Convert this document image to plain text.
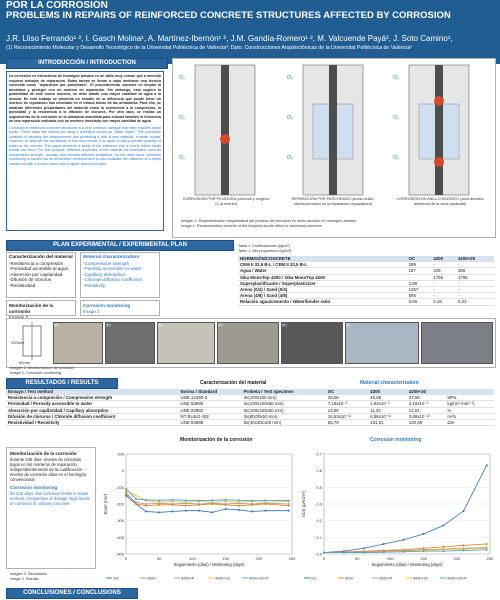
POR LA CORROSIÓN
PROBLEMS IN REPAIRS OF REINFORCED CONCRETE STRUCTURES AFFECTED BY CORROSION
J.R. Lliso Ferrando¹ ², I. Gasch Molina¹, A. Martínez-Ibernón¹ ², J.M. Gandía-Romero¹ ², M. Valcuende Payá², J. Soto Camino¹,
(1) Reconocimiento Molecular y Desarrollo Tecnológico de la Universitat Politècnica de València²; Dpto. Construcciones Arquitectónicas de la Universitat Politècnica de València²
INTRODUCCIÓN / INTRODUCTION
La corrosión en estructuras de hormigón armado es un daño muy común que a menudo requiere trabajos de reparación. Estas tareas se llevan a cabo mediante una técnica conocida como "reparación por parcheado". El procedimiento consiste en limpiar la armadura y proteger con un mortero de reparación. Sin embargo, esto sugiere la posibilidad de este nuevo mortero, se debe añadir una mayor cantidad de agua a la mezcla. En este trabajo se presenta un estudio de la influencia que puede tener un mortero de reparación mal mezclado en el estado futuro de las armaduras. Para ello, se analizan diferentes propiedades del material como la resistencia a la compresión, la porosidad y la resistencia a la difusión de cloruros. Por otro lado, se realiza un seguimiento de la corrosión en la armadura embebida para evaluar también la influencia de una reparación realizada con un mortero mezclado con mayor cantidad de agua.
Corrosion in reinforced concrete structures is a very common damage that often requires repair works. These tasks are carried out using a technique known as "patch repair". The procedure consists of cleaning the reinforcement and protecting it with a new material, a repair mortar. However, to improve the workability of this new mortar, it is usual to add a greater quantity of water to the mixture. This paper presents a study of the influence that a poorly mixed repair mortar can have. For this purpose, different properties of the material are evaluated, such as compressive strength, porosity, and chloride diffusion resistance. On the other hand, corrosion monitoring is carried out on embedded reinforcement to also evaluate the influence of a repair carried out with a mortar mixed with a higher amount of water.
O₂
O₂
O₂
O₂
O₂
O₂
O₂
O₂
O₂
CORROSIÓN POR PICADURA (cloruros y oxígeno O₂ al interior)
REPARACIÓN POR PARCHEADO (ánodo anillo-efecto/corrosión en la reparación repaaradora)
CORROSIÓN EN ANILLO ANÓDICO (área anódica alrededor de la zona reparada)
Imagen 1. Representación esquemática del proceso de corrosión en anillo anódico en hormigón armado
Image 1. Representative scheme of the incipient anode effect in reinforced concrete
PLAN EXPERIMENTAL / EXPERIMENTAL PLAN
Caracterización del material
-Resistencia a compresión
-Porosidad accesible al agua
-Absorción por capilaridad
-Difusión de cloruros
-Resistividad
Material characterization
-Compressive strength
-Porosity accessible to water
-Capillary absorption
-Chloride diffusion coefficient
-Resistivity
Monitorización de la corrosión
Corrosion monitoring
Image 2
Tabla 1. Dosificaciones (kg/m³)
Table 1. Mix proportions (kg/m³)
HORMIGÓN/CONCRETE	OC	4200	4200+20
CEM II 32,5 B-L / CEM II 32,5 B-L	299	-	-
Agua / Water	187	329	359
Sika MonoTop 4200 / Sika MonoTop 4200	-	1795	1795
Superplastificante / Superplasticizer	2,89	-	-
Arena (0/4) / Sand (0/4)	1257	-	-
Arena (4/8) / Sand (4/8)	595	-	-
Relación agua/cemento / Water/binder ratio	0,65	0,18	0,22
50mm
100mm
(a)	(b)	(c)	(d)	(e)	(f)
Imagen 2. Monitorización de corrosión
Image 2. Corrosion monitoring
RESULTADOS / RESULTS	Caracterización del material	Material characterization
Ensayo / Test method	Norma / Standard	Probeta / Test specimen	OC	4200	4200+20	
Resistencia a compresión / Compressive strength	UNE 12390-3	3x(100x100 mm)	28,06	46,85	37,65	MPa
Porosidad / Porosity accessible to water	UNE 83980	3x(100x100x50 mm)	7,19x10⁻²	1,93x10⁻²	2,19x10⁻²	kg/(m² min⁰·⁵)
Absorción por capilaridad / Capillary absorption	UNE 83982	3x(100x100x50 mm)	13,95	11,26	12,61	%
Difusión de cloruros / Chloride diffusion coefficient	NT BUILD 492	3x(Ø100x50 mm)	15,53x10⁻¹²	6,58x10⁻¹²	3,69x10⁻¹²	m²/s
Resistividad / Resistivity	UNE 83988	5x(40x40x160 mm)	65,79	151,01	120,69	Ωm
Monitorización de la corrosión	Corrosion monitoring
Monitorización de la corrosión
durante 245 días -niveles de corrosión bajos en los morteros de reparación, independientemente de la cualificación -niveles de corrosión altos en el hormigón convencional
Corrosion monitoring
for 245 days -low corrosion levels in repair mortars, irrespective of dosage -high levels of corrosion in ordinary concrete
Imagen 3. Resultados
Image 3. Results
-500
-400
-300
-200
-100
0
100
0	50	100	150	200	250
Seguimiento (días) / Monitoring (days)
Ecorr (mV)
OC	4200	4200+P	4200+20	4200+20+P
0.0
0.1
0.2
0.3
0.5
0.6
0.7
0	50	100	150	200	250
Seguimiento (días) / Monitoring (days)
Icorr (μA/cm²)
OC	4200	4200+P	4200+20	4200+20+P
CONCLUSIONES / CONCLUSIONS
